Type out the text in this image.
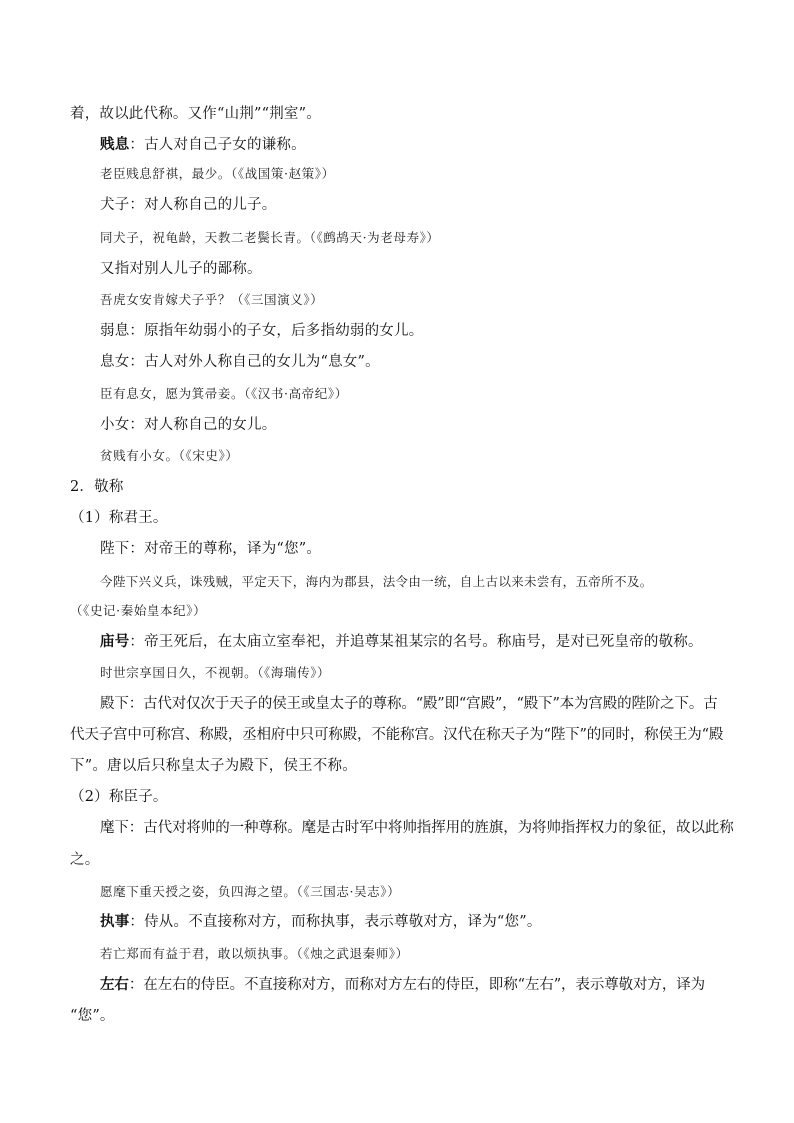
着，故以此代称。又作“山荆”“荆室”。

贱息：古人对自己子女的谦称。

老臣贱息舒祺，最少。（《战国策·赵策》）

犬子：对人称自己的儿子。

同犬子，祝龟龄，天教二老鬓长青。（《鹧鸪天·为老母寿》）

又指对别人儿子的鄙称。

吾虎女安肯嫁犬子乎？（《三国演义》）

弱息：原指年幼弱小的子女，后多指幼弱的女儿。

息女：古人对外人称自己的女儿为“息女”。

臣有息女，愿为箕帚妾。（《汉书·高帝纪》）

小女：对人称自己的女儿。

贫贱有小女。（《宋史》）

2．敬称

（1）称君王。

陛下：对帝王的尊称，译为“您”。

今陛下兴义兵，诛残贼，平定天下，海内为郡县，法令由一统，自上古以来未尝有，五帝所不及。

（《史记·秦始皇本纪》）

庙号：帝王死后，在太庙立室奉祀，并追尊某祖某宗的名号。称庙号，是对已死皇帝的敬称。

时世宗享国日久，不视朝。（《海瑞传》）

殿下：古代对仅次于天子的侯王或皇太子的尊称。“殿”即“宫殿”，“殿下”本为宫殿的陛阶之下。古

代天子宫中可称宫、称殿，丞相府中只可称殿，不能称宫。汉代在称天子为“陛下”的同时，称侯王为“殿

下”。唐以后只称皇太子为殿下，侯王不称。

（2）称臣子。

麾下：古代对将帅的一种尊称。麾是古时军中将帅指挥用的旌旗，为将帅指挥权力的象征，故以此称

之。

愿麾下重天授之姿，负四海之望。（《三国志·吴志》）

执事：侍从。不直接称对方，而称执事，表示尊敬对方，译为“您”。

若亡郑而有益于君，敢以烦执事。（《烛之武退秦师》）

左右：在左右的侍臣。不直接称对方，而称对方左右的侍臣，即称“左右”，表示尊敬对方，译为

“您”。
